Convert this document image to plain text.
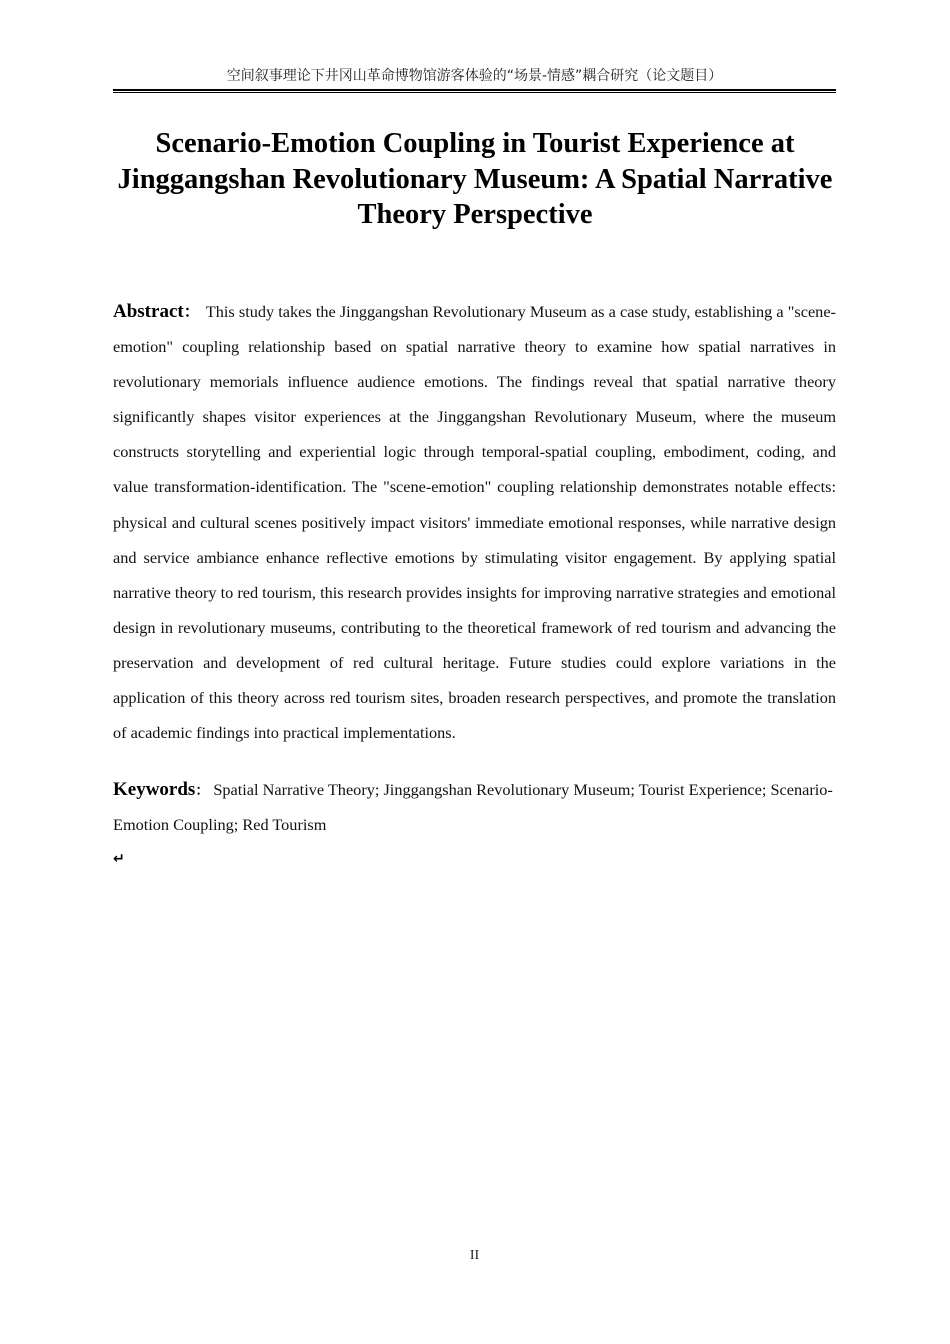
空间叙事理论下井冈山革命博物馆游客体验的“场景-情感”耦合研究（论文题目）
Scenario-Emotion Coupling in Tourist Experience at Jinggangshan Revolutionary Museum: A Spatial Narrative Theory Perspective

Abstract： This study takes the Jinggangshan Revolutionary Museum as a case study, establishing a "scene-emotion" coupling relationship based on spatial narrative theory to examine how spatial narratives in revolutionary memorials influence audience emotions. The findings reveal that spatial narrative theory significantly shapes visitor experiences at the Jinggangshan Revolutionary Museum, where the museum constructs storytelling and experiential logic through temporal-spatial coupling, embodiment, coding, and value transformation-identification. The "scene-emotion" coupling relationship demonstrates notable effects: physical and cultural scenes positively impact visitors' immediate emotional responses, while narrative design and service ambiance enhance reflective emotions by stimulating visitor engagement. By applying spatial narrative theory to red tourism, this research provides insights for improving narrative strategies and emotional design in revolutionary museums, contributing to the theoretical framework of red tourism and advancing the preservation and development of red cultural heritage. Future studies could explore variations in the application of this theory across red tourism sites, broaden research perspectives, and promote the translation of academic findings into practical implementations.

Keywords： Spatial Narrative Theory; Jinggangshan Revolutionary Museum; Tourist Experience; Scenario-Emotion Coupling; Red Tourism

↵
II
